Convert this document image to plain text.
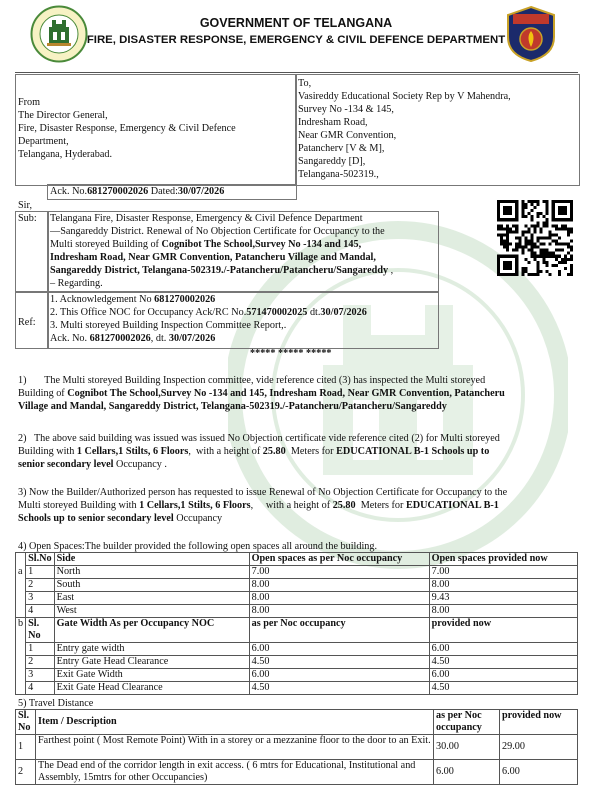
GOVERNMENT OF TELANGANA
FIRE, DISASTER RESPONSE, EMERGENCY & CIVIL DEFENCE DEPARTMENT
From
The Director General,
Fire, Disaster Response, Emergency & Civil Defence
Department,
Telangana, Hyderabad.
To,
Vasireddy Educational Society Rep by V Mahendra,
Survey No -134 & 145,
Indresham Road,
Near GMR Convention,
Patancherv [V & M],
Sangareddy [D],
Telangana-502319.,
Ack. No.681270002026 Dated:30/07/2026
Sir,
Sub: Telangana Fire, Disaster Response, Emergency & Civil Defence Department
—Sangareddy District. Renewal of No Objection Certificate for Occupancy to the
Multi storeyed Building of Cognibot The School,Survey No -134 and 145,
Indresham Road, Near GMR Convention, Patancheru Village and Mandal,
Sangareddy District, Telangana-502319./-Patancheru/Patancheru/Sangareddy ,
– Regarding.
Ref:
1. Acknowledgement No 681270002026
2. This Office NOC for Occupancy Ack/RC No.571470002025 dt.30/07/2026
3. Multi storeyed Building Inspection Committee Report,.
Ack. No. 681270002026, dt. 30/07/2026
***** ***** *****
1)       The Multi storeyed Building Inspection committee, vide reference cited (3) has inspected the Multi storeyed
Building of Cognibot The School,Survey No -134 and 145, Indresham Road, Near GMR Convention, Patancheru
Village and Mandal, Sangareddy District, Telangana-502319./-Patancheru/Patancheru/Sangareddy
2)   The above said building was issued was issued No Objection certificate vide reference cited (2) for Multi storeyed
Building with 1 Cellars,1 Stilts, 6 Floors,  with a height of 25.80  Meters for EDUCATIONAL B-1 Schools up to
senior secondary level Occupancy .
3) Now the Builder/Authorized person has requested to issue Renewal of No Objection Certificate for Occupancy to the
Multi storeyed Building with 1 Cellars,1 Stilts, 6 Floors,     with a height of 25.80  Meters for EDUCATIONAL B-1
Schools up to senior secondary level Occupancy
4) Open Spaces:The builder provided the following open spaces all around the building.
	Sl.No	Side	Open spaces as per Noc occupancy	Open spaces provided now
a	1	North	7.00	7.00
	2	South	8.00	8.00
	3	East	8.00	9.43
	4	West	8.00	8.00
b	Sl. No	Gate Width As per Occupancy NOC	as per Noc occupancy	provided now
	1	Entry gate width	6.00	6.00
	2	Entry Gate Head Clearance	4.50	4.50
	3	Exit Gate Width	6.00	6.00
	4	Exit Gate Head Clearance	4.50	4.50
5) Travel Distance
Sl. No	Item / Description	as per Noc occupancy	provided now
1	Farthest point ( Most Remote Point) With in a storey or a mezzanine floor to the door to an Exit.	30.00	29.00
2	The Dead end of the corridor length in exit access. ( 6 mtrs for Educational, Institutional and Assembly, 15mtrs for other Occupancies)	6.00	6.00
